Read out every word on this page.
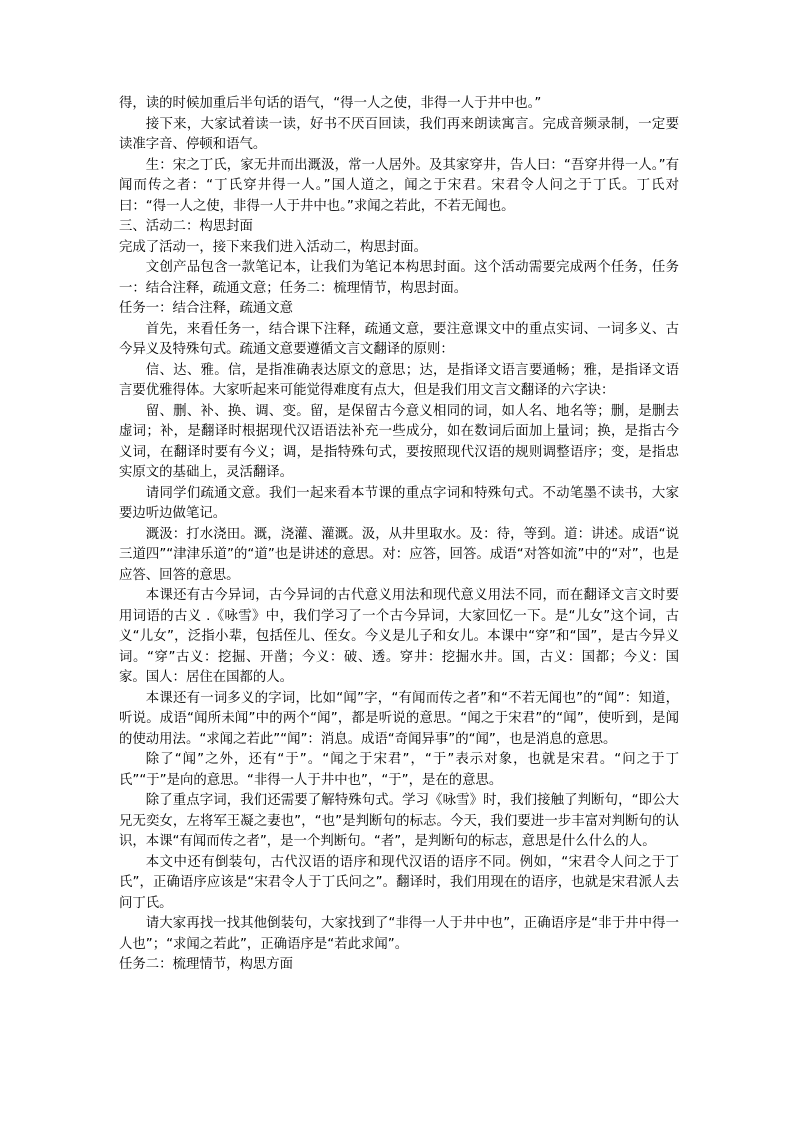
得，读的时候加重后半句话的语气，“得一人之使，非得一人于井中也。”

接下来，大家试着读一读，好书不厌百回读，我们再来朗读寓言。完成音频录制，一定要读准字音、停顿和语气。

生：宋之丁氏，家无井而出溉汲，常一人居外。及其家穿井，告人曰：“吾穿井得一人。”有闻而传之者：“丁氏穿井得一人。”国人道之，闻之于宋君。宋君令人问之于丁氏。丁氏对曰：“得一人之使，非得一人于井中也。”求闻之若此，不若无闻也。

三、活动二：构思封面

完成了活动一，接下来我们进入活动二，构思封面。

文创产品包含一款笔记本，让我们为笔记本构思封面。这个活动需要完成两个任务，任务一：结合注释，疏通文意；任务二：梳理情节，构思封面。

任务一：结合注释，疏通文意

首先，来看任务一，结合课下注释，疏通文意，要注意课文中的重点实词、一词多义、古今异义及特殊句式。疏通文意要遵循文言文翻译的原则：

信、达、雅。信，是指准确表达原文的意思；达，是指译文语言要通畅；雅，是指译文语言要优雅得体。大家听起来可能觉得难度有点大，但是我们用文言文翻译的六字诀：

留、删、补、换、调、变。留，是保留古今意义相同的词，如人名、地名等；删，是删去虚词；补，是翻译时根据现代汉语语法补充一些成分，如在数词后面加上量词；换，是指古今义词，在翻译时要有今义；调，是指特殊句式，要按照现代汉语的规则调整语序；变，是指忠实原文的基础上，灵活翻译。

请同学们疏通文意。我们一起来看本节课的重点字词和特殊句式。不动笔墨不读书，大家要边听边做笔记。

溉汲：打水浇田。溉，浇灌、灌溉。汲，从井里取水。及：待，等到。道：讲述。成语“说三道四”“津津乐道”的“道”也是讲述的意思。对：应答，回答。成语“对答如流”中的“对”，也是应答、回答的意思。

本课还有古今异词，古今异词的古代意义用法和现代意义用法不同，而在翻译文言文时要用词语的古义 .《咏雪》中，我们学习了一个古今异词，大家回忆一下。是“儿女”这个词，古义“儿女”，泛指小辈，包括侄儿、侄女。今义是儿子和女儿。本课中“穿”和“国”，是古今异义词。“穿”古义：挖掘、开凿；今义：破、透。穿井：挖掘水井。国，古义：国都；今义：国家。国人：居住在国都的人。

本课还有一词多义的字词，比如“闻”字，“有闻而传之者”和“不若无闻也”的“闻”：知道，听说。成语“闻所未闻”中的两个“闻”，都是听说的意思。“闻之于宋君”的“闻”，使听到，是闻的使动用法。“求闻之若此”“闻”：消息。成语“奇闻异事”的“闻”，也是消息的意思。

除了“闻”之外，还有“于”。“闻之于宋君”，“于”表示对象，也就是宋君。“问之于丁氏”“于”是向的意思。“非得一人于井中也”，“于”，是在的意思。

除了重点字词，我们还需要了解特殊句式。学习《咏雪》时，我们接触了判断句，“即公大兄无奕女，左将军王凝之妻也”，“也”是判断句的标志。今天，我们要进一步丰富对判断句的认识，本课“有闻而传之者”，是一个判断句。“者”，是判断句的标志，意思是什么什么的人。

本文中还有倒装句，古代汉语的语序和现代汉语的语序不同。例如，“宋君令人问之于丁氏”，正确语序应该是“宋君令人于丁氏问之”。翻译时，我们用现在的语序，也就是宋君派人去问丁氏。

请大家再找一找其他倒装句，大家找到了“非得一人于井中也”，正确语序是“非于井中得一人也”；“求闻之若此”，正确语序是“若此求闻”。

任务二：梳理情节，构思方面
